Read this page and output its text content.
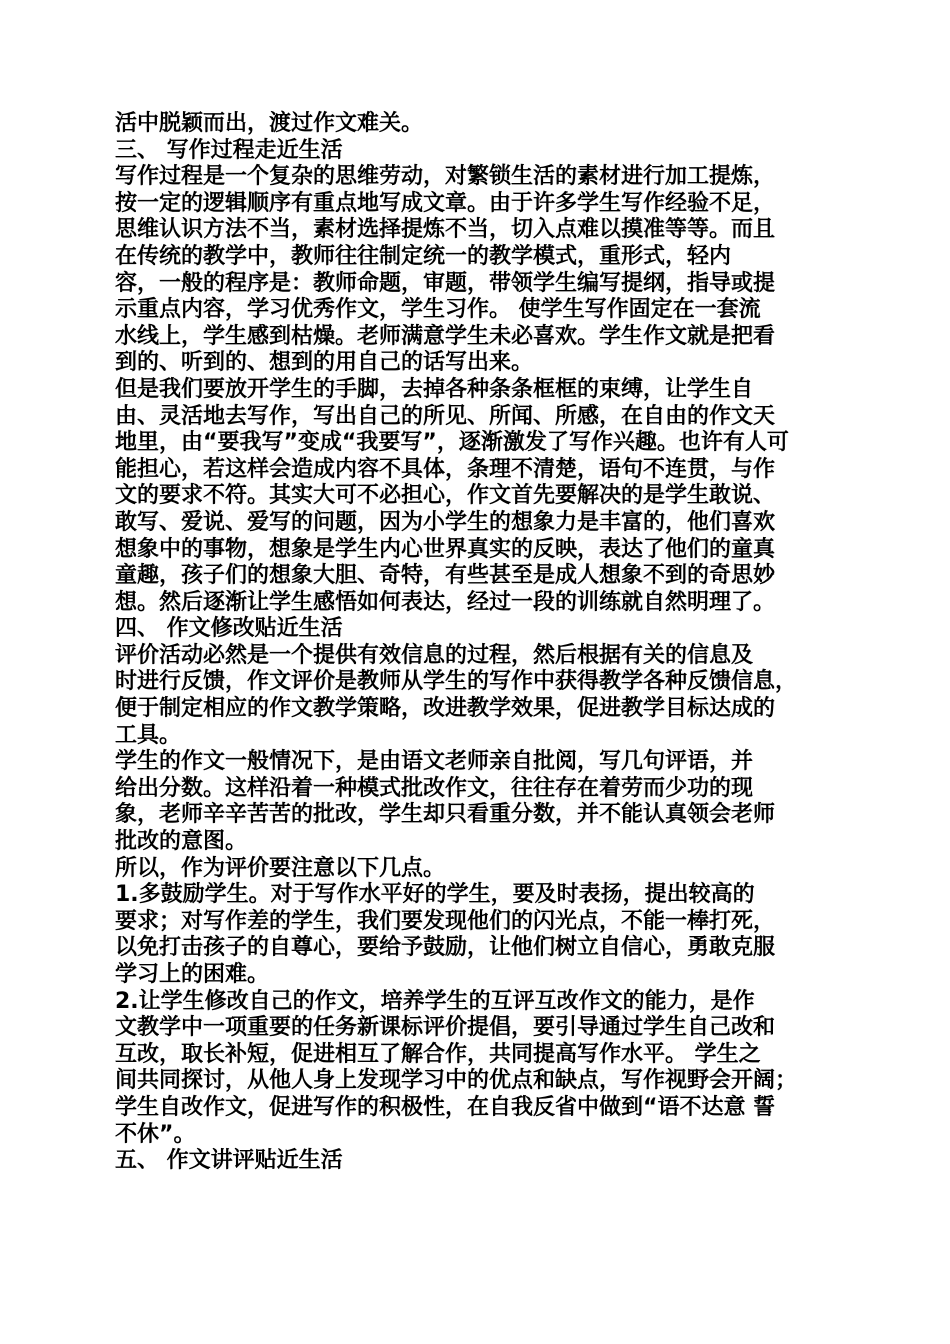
活中脱颖而出，渡过作文难关。
三、 写作过程走近生活
写作过程是一个复杂的思维劳动，对繁锁生活的素材进行加工提炼，
按一定的逻辑顺序有重点地写成文章。由于许多学生写作经验不足，
思维认识方法不当，素材选择提炼不当，切入点难以摸准等等。而且
在传统的教学中，教师往往制定统一的教学模式，重形式，轻内
容，一般的程序是：教师命题，审题，带领学生编写提纲，指导或提
示重点内容，学习优秀作文，学生习作。 使学生写作固定在一套流
水线上，学生感到枯燥。老师满意学生未必喜欢。学生作文就是把看
到的、听到的、想到的用自己的话写出来。
但是我们要放开学生的手脚，去掉各种条条框框的束缚，让学生自
由、灵活地去写作，写出自己的所见、所闻、所感，在自由的作文天
地里，由“要我写”变成“我要写”，逐渐激发了写作兴趣。也许有人可
能担心，若这样会造成内容不具体，条理不清楚，语句不连贯，与作
文的要求不符。其实大可不必担心，作文首先要解决的是学生敢说、
敢写、爱说、爱写的问题，因为小学生的想象力是丰富的，他们喜欢
想象中的事物，想象是学生内心世界真实的反映，表达了他们的童真
童趣，孩子们的想象大胆、奇特，有些甚至是成人想象不到的奇思妙
想。然后逐渐让学生感悟如何表达，经过一段的训练就自然明理了。
四、 作文修改贴近生活
评价活动必然是一个提供有效信息的过程，然后根据有关的信息及
时进行反馈，作文评价是教师从学生的写作中获得教学各种反馈信息，
便于制定相应的作文教学策略，改进教学效果，促进教学目标达成的
工具。
学生的作文一般情况下，是由语文老师亲自批阅，写几句评语，并
给出分数。这样沿着一种模式批改作文，往往存在着劳而少功的现
象，老师辛辛苦苦的批改，学生却只看重分数，并不能认真领会老师
批改的意图。
所以，作为评价要注意以下几点。
1.多鼓励学生。对于写作水平好的学生，要及时表扬，提出较高的
要求；对写作差的学生，我们要发现他们的闪光点，不能一棒打死，
以免打击孩子的自尊心，要给予鼓励，让他们树立自信心，勇敢克服
学习上的困难。
2.让学生修改自己的作文，培养学生的互评互改作文的能力，是作
文教学中一项重要的任务新课标评价提倡，要引导通过学生自己改和
互改，取长补短，促进相互了解合作，共同提高写作水平。 学生之
间共同探讨，从他人身上发现学习中的优点和缺点，写作视野会开阔；
学生自改作文，促进写作的积极性，在自我反省中做到“语不达意 誓
不休”。
五、 作文讲评贴近生活
